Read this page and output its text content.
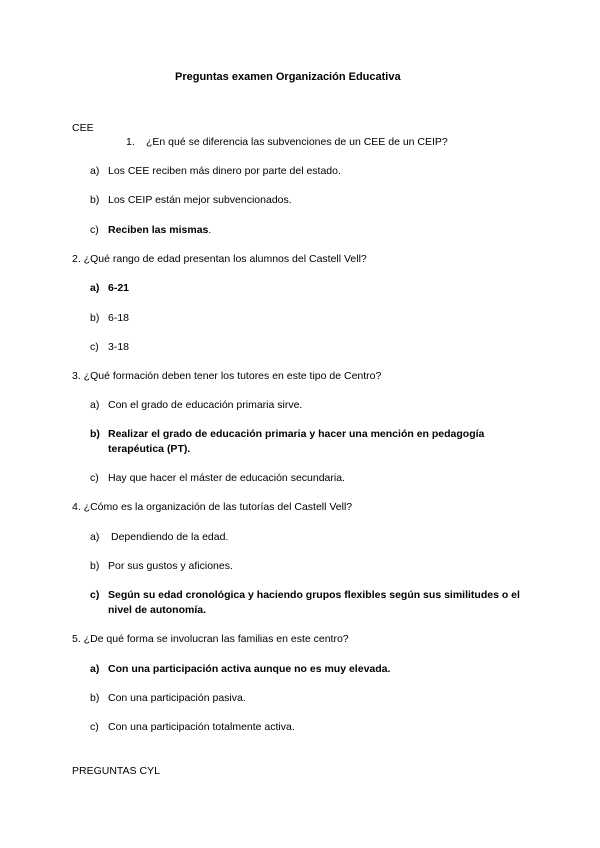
Preguntas examen Organización Educativa
CEE
1. ¿En qué se diferencia las subvenciones de un CEE de un CEIP?
a) Los CEE reciben más dinero por parte del estado.
b) Los CEIP están mejor subvencionados.
c) Reciben las mismas.
2. ¿Qué rango de edad presentan los alumnos del Castell Vell?
a) 6-21
b) 6-18
c) 3-18
3. ¿Qué formación deben tener los tutores en este tipo de Centro?
a) Con el grado de educación primaria sirve.
b) Realizar el grado de educación primaria y hacer una mención en pedagogía terapéutica (PT).
c) Hay que hacer el máster de educación secundaria.
4. ¿Cómo es la organización de las tutorías del Castell Vell?
a) Dependiendo de la edad.
b) Por sus gustos y aficiones.
c) Según su edad cronológica y haciendo grupos flexibles según sus similitudes o el nivel de autonomía.
5. ¿De qué forma se involucran las familias en este centro?
a) Con una participación activa aunque no es muy elevada.
b) Con una participación pasiva.
c) Con una participación totalmente activa.
PREGUNTAS CYL
